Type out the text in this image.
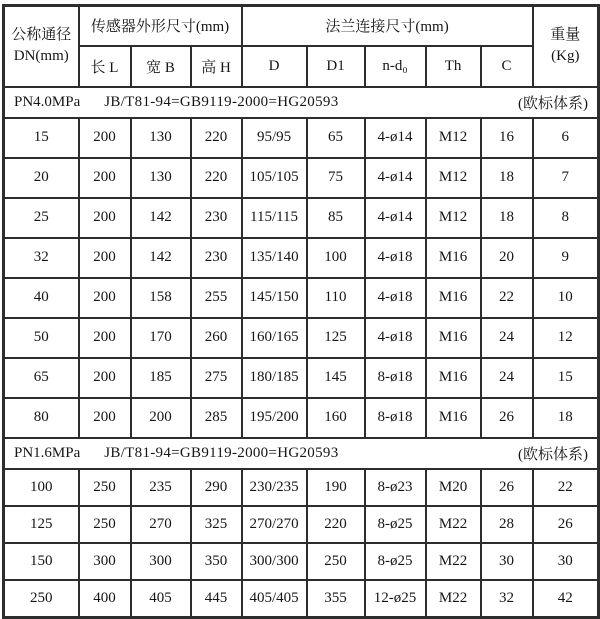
公称通径
DN(mm)	传感器外形尺寸(mm)			法兰连接尺寸(mm)					重量
(Kg)

	长 L	宽 B	高 H	D	D1	n-d₀	Th	C	

PN4.0MPa JB/T81-94=GB9119-2000=HG20593 (欧标体系)									

15	200	130	220	95/95	65	4-ø14	M12	16	6
20	200	130	220	105/105	75	4-ø14	M12	18	7
25	200	142	230	115/115	85	4-ø14	M12	18	8
32	200	142	230	135/140	100	4-ø18	M16	20	9
40	200	158	255	145/150	110	4-ø18	M16	22	10
50	200	170	260	160/165	125	4-ø18	M16	24	12
65	200	185	275	180/185	145	8-ø18	M16	24	15
80	200	200	285	195/200	160	8-ø18	M16	26	18

PN1.6MPa JB/T81-94=GB9119-2000=HG20593 (欧标体系)									

100	250	235	290	230/235	190	8-ø23	M20	26	22
125	250	270	325	270/270	220	8-ø25	M22	28	26
150	300	300	350	300/300	250	8-ø25	M22	30	30
250	400	405	445	405/405	355	12-ø25	M22	32	42
